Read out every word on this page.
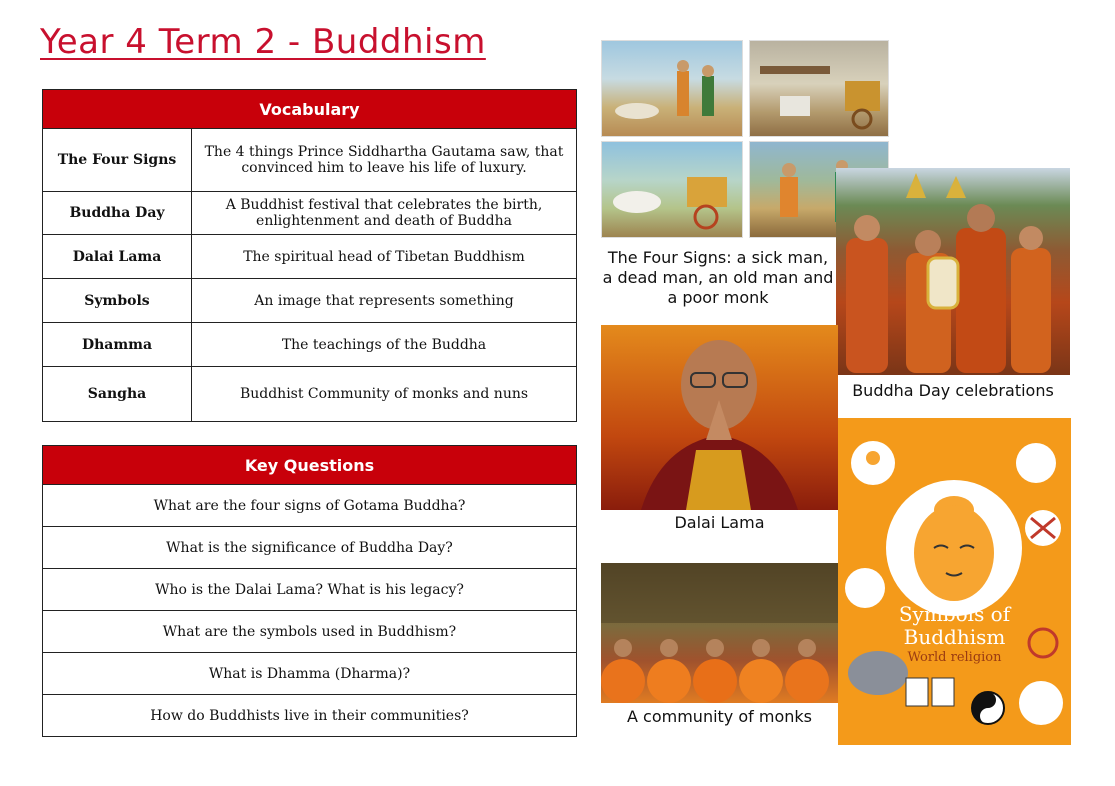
Year 4 Term 2 - Buddhism
Vocabulary	
The Four Signs	The 4 things Prince Siddhartha Gautama saw, that convinced him to leave his life of luxury.
Buddha Day	A Buddhist festival that celebrates the birth, enlightenment and death of Buddha
Dalai Lama	The spiritual head of Tibetan Buddhism
Symbols	An image that represents something
Dhamma	The teachings of the Buddha
Sangha	Buddhist Community of monks and nuns
Key Questions
What are the four signs of Gotama Buddha?
What is the significance of Buddha Day?
Who is the Dalai Lama? What is his legacy?
What are the symbols used in Buddhism?
What is Dhamma (Dharma)?
How do Buddhists live in their communities?
The Four Signs: a sick man, a dead man, an old man and a poor monk
Buddha Day celebrations
Dalai Lama
A community of monks
Symbols of
Buddhism
World religion
